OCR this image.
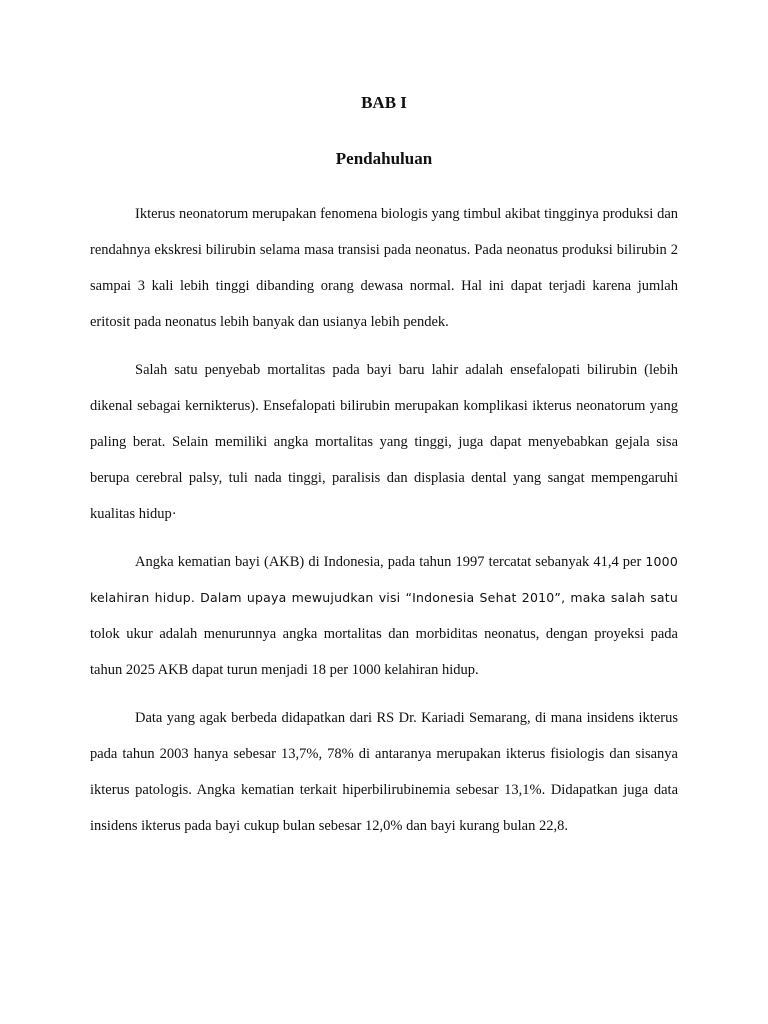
BAB I
Pendahuluan

Ikterus neonatorum merupakan fenomena biologis yang timbul akibat tingginya produksi dan rendahnya ekskresi bilirubin selama masa transisi pada neonatus. Pada neonatus produksi bilirubin 2 sampai 3 kali lebih tinggi dibanding orang dewasa normal. Hal ini dapat terjadi karena jumlah eritosit pada neonatus lebih banyak dan usianya lebih pendek.

Salah satu penyebab mortalitas pada bayi baru lahir adalah ensefalopati bilirubin (lebih dikenal sebagai kernikterus). Ensefalopati bilirubin merupakan komplikasi ikterus neonatorum yang paling berat. Selain memiliki angka mortalitas yang tinggi, juga dapat menyebabkan gejala sisa berupa cerebral palsy, tuli nada tinggi, paralisis dan displasia dental yang sangat mempengaruhi kualitas hidup·

Angka kematian bayi (AKB) di Indonesia, pada tahun 1997 tercatat sebanyak 41,4 per 1000 kelahiran hidup. Dalam upaya mewujudkan visi “Indonesia Sehat 2010”, maka salah satu tolok ukur adalah menurunnya angka mortalitas dan morbiditas neonatus, dengan proyeksi pada tahun 2025 AKB dapat turun menjadi 18 per 1000 kelahiran hidup.

Data yang agak berbeda didapatkan dari RS Dr. Kariadi Semarang, di mana insidens ikterus pada tahun 2003 hanya sebesar 13,7%, 78% di antaranya merupakan ikterus fisiologis dan sisanya ikterus patologis. Angka kematian terkait hiperbilirubinemia sebesar 13,1%. Didapatkan juga data insidens ikterus pada bayi cukup bulan sebesar 12,0% dan bayi kurang bulan 22,8.
